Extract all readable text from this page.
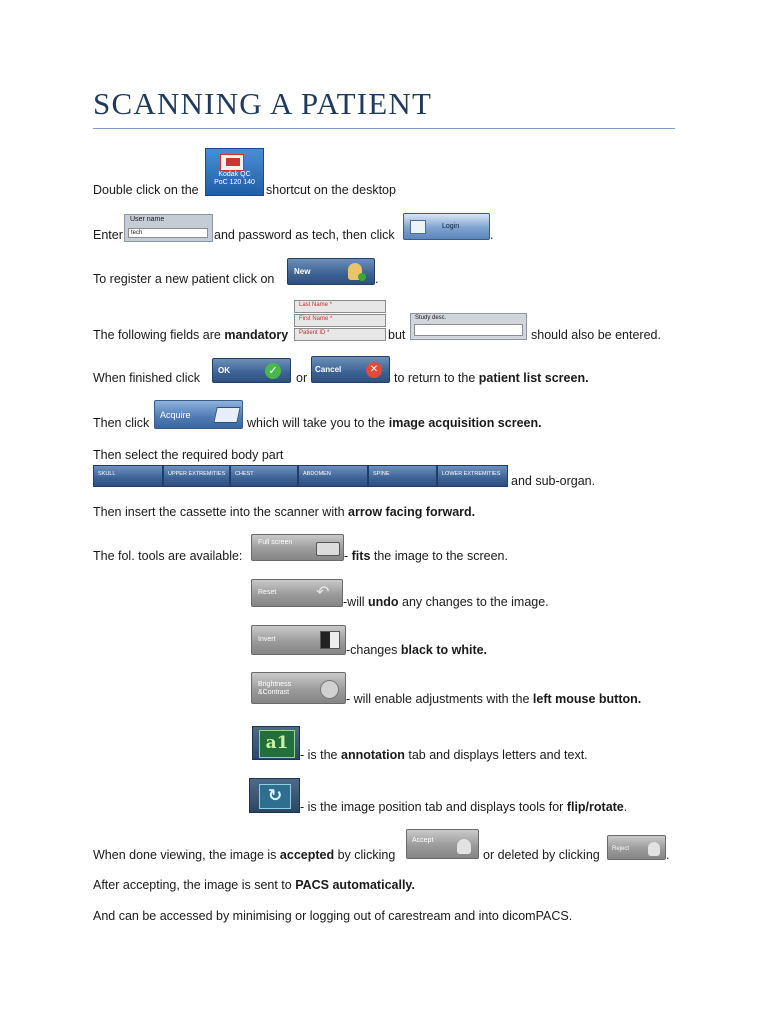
SCANNING A PATIENT
Double click on the
Kodak QC
PoC 120 140
shortcut on the desktop
Enter
User name
tech	and password as tech, then click
Login
.
To register a new patient click on
New
.
The following fields are mandatory
Last Name *
First Name *
Patient ID *	but
Study desc.
should also be entered.
When finished click
OK	✓ or
Cancel	✕
to return to the patient list screen.
Then click
Acquire
which will take you to the image acquisition screen.
Then select the required body part
SKULL	UPPER EXTREMITIES	CHEST	ABDOMEN	SPINE	LOWER EXTREMITIES and sub-organ.
Then insert the cassette into the scanner with arrow facing forward.
The fol. tools are available:
Full screen
- fits the image to the screen.
Reset ↶
-will undo any changes to the image.
Invert
-changes black to white.
Brightness &Contrast	- will enable adjustments with the left mouse button.
a1
- is the annotation tab and displays letters and text.
↻
- is the image position tab and displays tools for flip/rotate.
When done viewing, the image is accepted by clicking
Accept
or deleted by clicking Reject	.
After accepting, the image is sent to PACS automatically.
And can be accessed by minimising or logging out of carestream and into dicomPACS.
